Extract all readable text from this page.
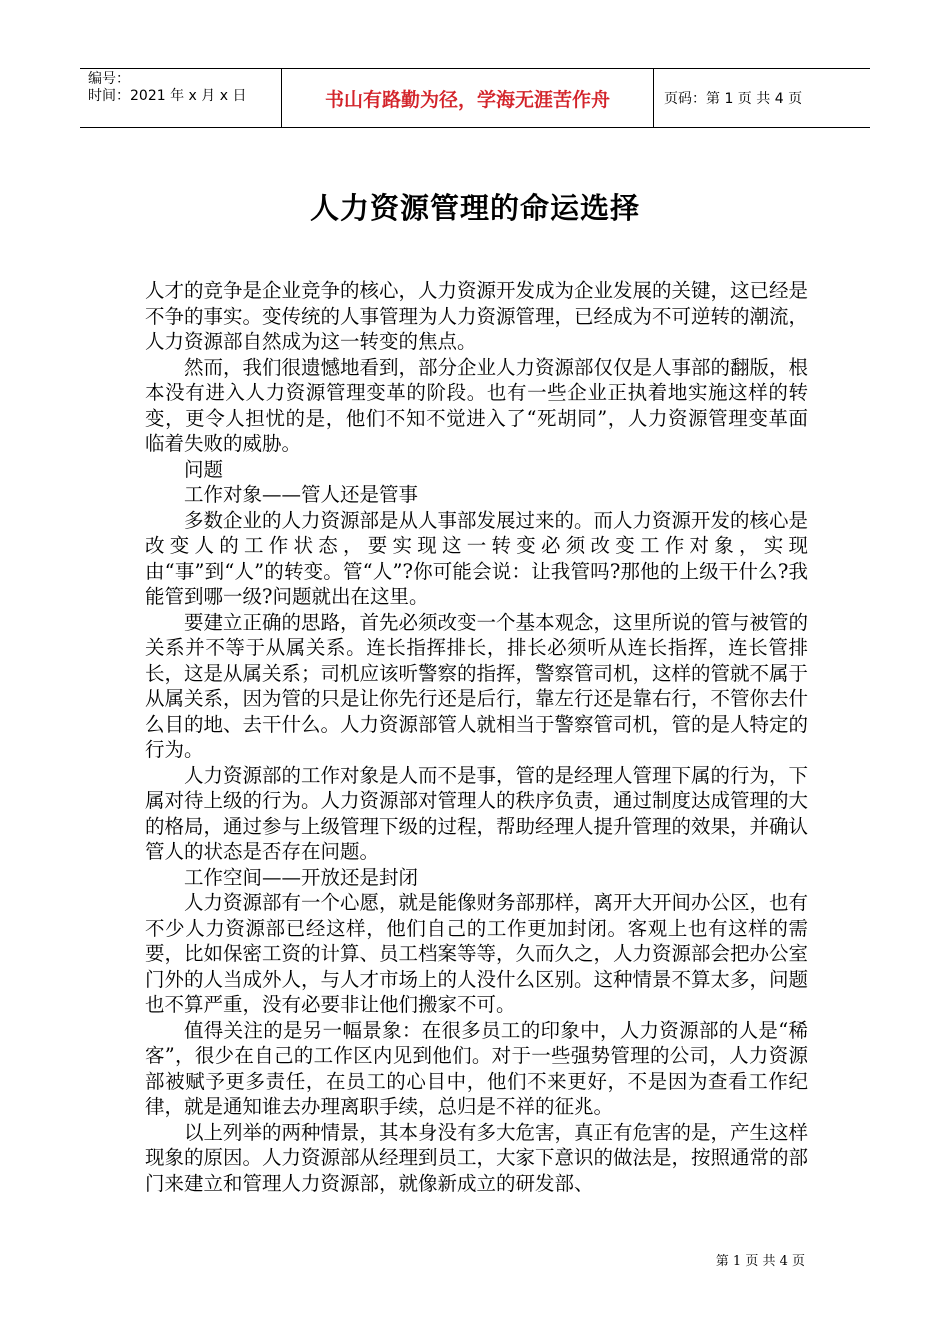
编号：
时间：2021 年 x 月 x 日	书山有路勤为径，学海无涯苦作舟	页码：第 1 页 共 4 页
人力资源管理的命运选择

人才的竞争是企业竞争的核心，人力资源开发成为企业发展的关键，这已经是不争的事实。变传统的人事管理为人力资源管理，已经成为不可逆转的潮流，人力资源部自然成为这一转变的焦点。

然而，我们很遗憾地看到，部分企业人力资源部仅仅是人事部的翻版，根本没有进入人力资源管理变革的阶段。也有一些企业正执着地实施这样的转变，更令人担忧的是，他们不知不觉进入了“死胡同”，人力资源管理变革面临着失败的威胁。

问题

工作对象——管人还是管事

多数企业的人力资源部是从人事部发展过来的。而人力资源开发的核心是改变人的工作状态，要实现这一转变必须改变工作对象，实现由“事”到“人”的转变。管“人”?你可能会说：让我管吗?那他的上级干什么?我能管到哪一级?问题就出在这里。

要建立正确的思路，首先必须改变一个基本观念，这里所说的管与被管的关系并不等于从属关系。连长指挥排长，排长必须听从连长指挥，连长管排长，这是从属关系；司机应该听警察的指挥，警察管司机，这样的管就不属于从属关系，因为管的只是让你先行还是后行，靠左行还是靠右行，不管你去什么目的地、去干什么。人力资源部管人就相当于警察管司机，管的是人特定的行为。

人力资源部的工作对象是人而不是事，管的是经理人管理下属的行为，下属对待上级的行为。人力资源部对管理人的秩序负责，通过制度达成管理的大的格局，通过参与上级管理下级的过程，帮助经理人提升管理的效果，并确认管人的状态是否存在问题。

工作空间——开放还是封闭

人力资源部有一个心愿，就是能像财务部那样，离开大开间办公区，也有不少人力资源部已经这样，他们自己的工作更加封闭。客观上也有这样的需要，比如保密工资的计算、员工档案等等，久而久之，人力资源部会把办公室门外的人当成外人，与人才市场上的人没什么区别。这种情景不算太多，问题也不算严重，没有必要非让他们搬家不可。

值得关注的是另一幅景象：在很多员工的印象中，人力资源部的人是“稀客”，很少在自己的工作区内见到他们。对于一些强势管理的公司，人力资源部被赋予更多责任，在员工的心目中，他们不来更好，不是因为查看工作纪律，就是通知谁去办理离职手续，总归是不祥的征兆。

以上列举的两种情景，其本身没有多大危害，真正有危害的是，产生这样现象的原因。人力资源部从经理到员工，大家下意识的做法是，按照通常的部门来建立和管理人力资源部，就像新成立的研发部、

第 1 页 共 4 页
